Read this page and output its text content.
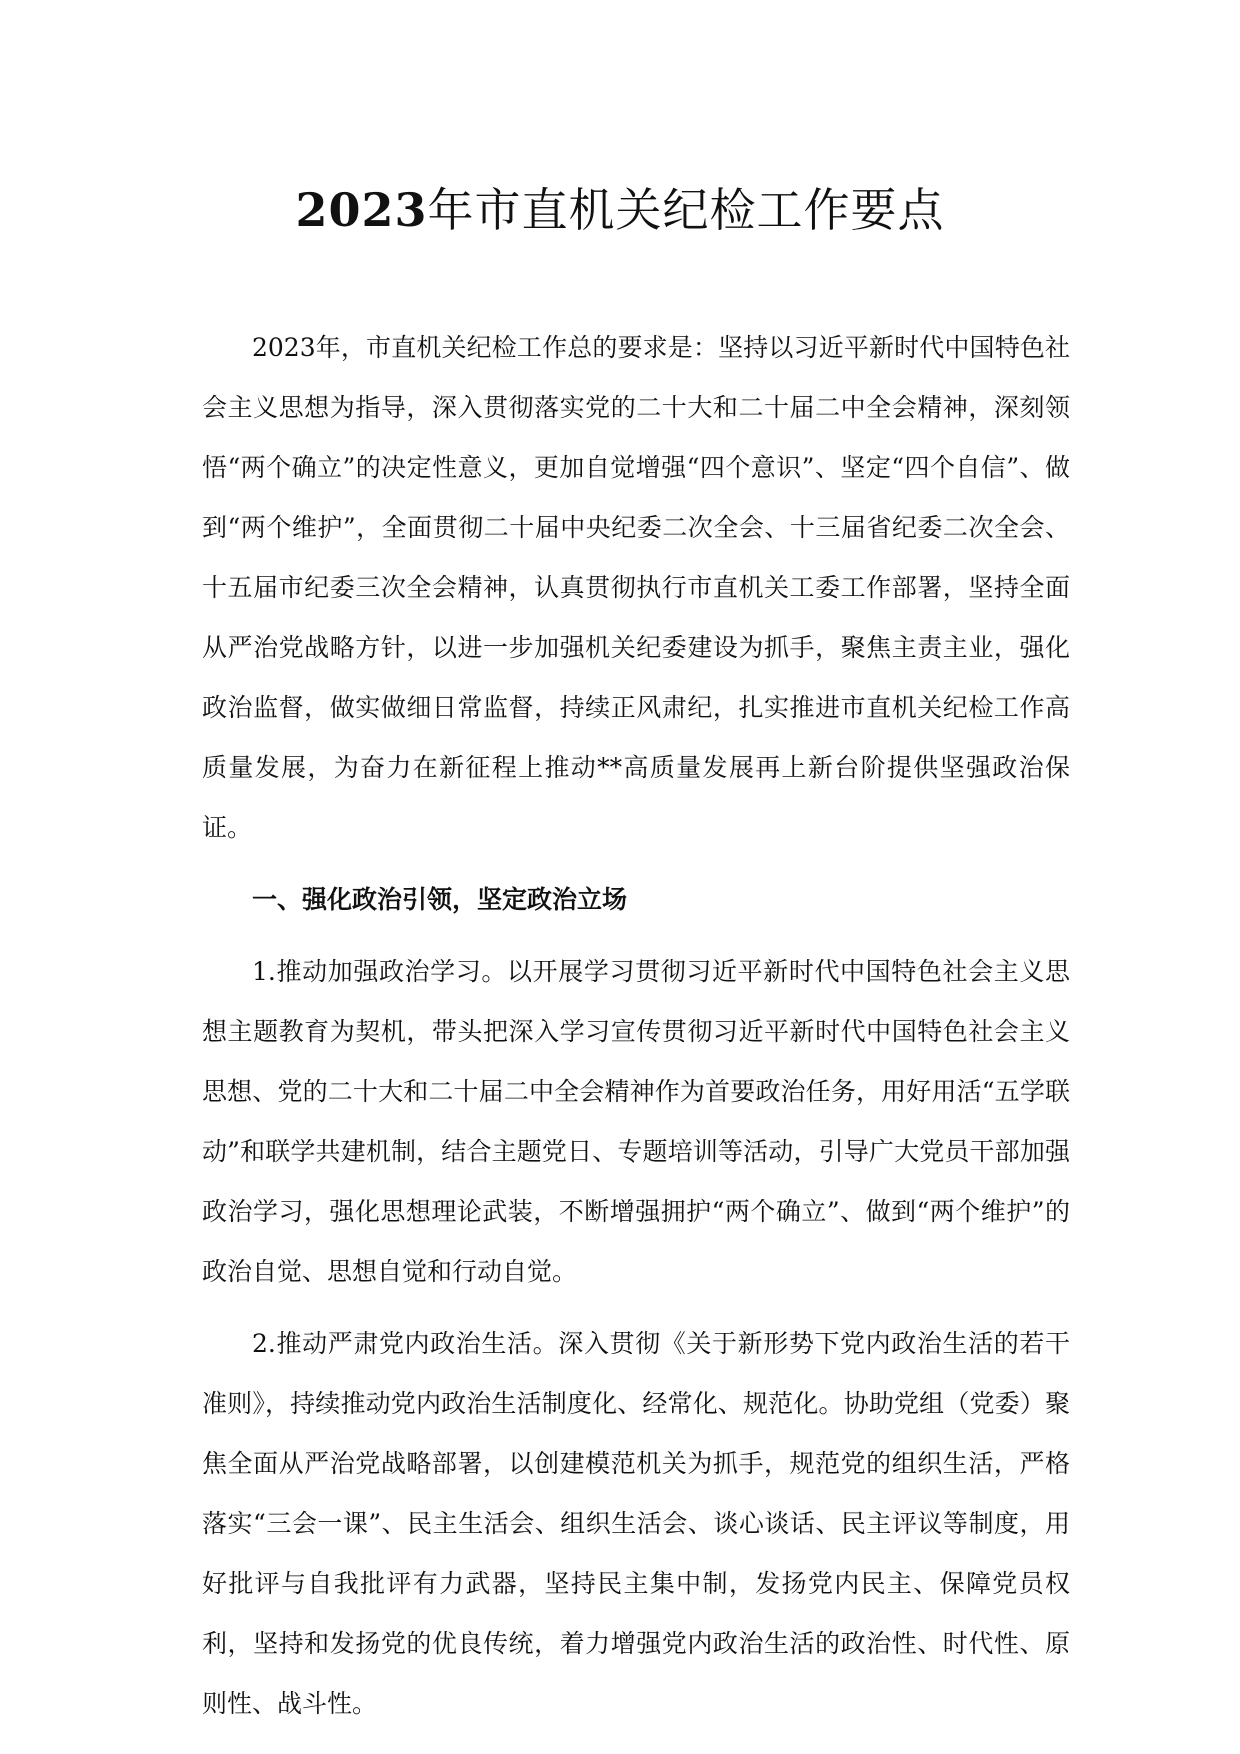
2023年市直机关纪检工作要点

2023年，市直机关纪检工作总的要求是：坚持以习近平新时代中国特色社会主义思想为指导，深入贯彻落实党的二十大和二十届二中全会精神，深刻领悟“两个确立”的决定性意义，更加自觉增强“四个意识”、坚定“四个自信”、做到“两个维护”，全面贯彻二十届中央纪委二次全会、十三届省纪委二次全会、十五届市纪委三次全会精神，认真贯彻执行市直机关工委工作部署，坚持全面从严治党战略方针，以进一步加强机关纪委建设为抓手，聚焦主责主业，强化政治监督，做实做细日常监督，持续正风肃纪，扎实推进市直机关纪检工作高质量发展，为奋力在新征程上推动**高质量发展再上新台阶提供坚强政治保证。

一、强化政治引领，坚定政治立场

1.推动加强政治学习。以开展学习贯彻习近平新时代中国特色社会主义思想主题教育为契机，带头把深入学习宣传贯彻习近平新时代中国特色社会主义思想、党的二十大和二十届二中全会精神作为首要政治任务，用好用活“五学联动”和联学共建机制，结合主题党日、专题培训等活动，引导广大党员干部加强政治学习，强化思想理论武装，不断增强拥护“两个确立”、做到“两个维护”的政治自觉、思想自觉和行动自觉。

2.推动严肃党内政治生活。深入贯彻《关于新形势下党内政治生活的若干准则》，持续推动党内政治生活制度化、经常化、规范化。协助党组（党委）聚焦全面从严治党战略部署，以创建模范机关为抓手，规范党的组织生活，严格落实“三会一课”、民主生活会、组织生活会、谈心谈话、民主评议等制度，用好批评与自我批评有力武器，坚持民主集中制，发扬党内民主、保障党员权利，坚持和发扬党的优良传统，着力增强党内政治生活的政治性、时代性、原则性、战斗性。
